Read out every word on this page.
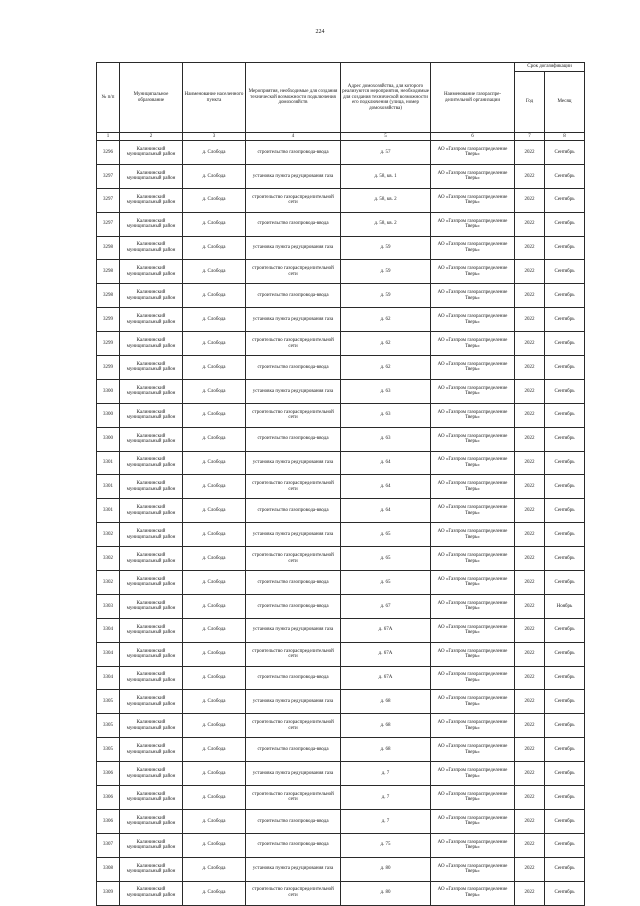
224
№ п/п	Муниципальное образование	Наименование населенного пункта	Мероприятия, необходимые для создания технической возможности подключения домохозяйств	Адрес домохозяйства, для которого реализуются мероприятия, необходимые для создания технической возможности его подключения (улица, номер домохозяйства)	Наименование газораспре-делительной организации	Срок догазификации	
						Год	Месяц
1	2	3	4	5	6	7	8
3296	Калининский муниципальный район	д. Слобода	строительство газопровода-ввода	д. 57	АО «Газпром газораспределение Тверь»	2022	Сентябрь
3297	Калининский муниципальный район	д. Слобода	установка пункта редуцирования газа	д. 58, кв. 1	АО «Газпром газораспределение Тверь»	2022	Сентябрь
3297	Калининский муниципальный район	д. Слобода	строительство газораспределительной сети	д. 58, кв. 2	АО «Газпром газораспределение Тверь»	2022	Сентябрь
3297	Калининский муниципальный район	д. Слобода	строительство газопровода-ввода	д. 58, кв. 2	АО «Газпром газораспределение Тверь»	2022	Сентябрь
3298	Калининский муниципальный район	д. Слобода	установка пункта редуцирования газа	д. 59	АО «Газпром газораспределение Тверь»	2022	Сентябрь
3298	Калининский муниципальный район	д. Слобода	строительство газораспределительной сети	д. 59	АО «Газпром газораспределение Тверь»	2022	Сентябрь
3298	Калининский муниципальный район	д. Слобода	строительство газопровода-ввода	д. 59	АО «Газпром газораспределение Тверь»	2022	Сентябрь
3299	Калининский муниципальный район	д. Слобода	установка пункта редуцирования газа	д. 62	АО «Газпром газораспределение Тверь»	2022	Сентябрь
3299	Калининский муниципальный район	д. Слобода	строительство газораспределительной сети	д. 62	АО «Газпром газораспределение Тверь»	2022	Сентябрь
3299	Калининский муниципальный район	д. Слобода	строительство газопровода-ввода	д. 62	АО «Газпром газораспределение Тверь»	2022	Сентябрь
3300	Калининский муниципальный район	д. Слобода	установка пункта редуцирования газа	д. 63	АО «Газпром газораспределение Тверь»	2022	Сентябрь
3300	Калининский муниципальный район	д. Слобода	строительство газораспределительной сети	д. 63	АО «Газпром газораспределение Тверь»	2022	Сентябрь
3300	Калининский муниципальный район	д. Слобода	строительство газопровода-ввода	д. 63	АО «Газпром газораспределение Тверь»	2022	Сентябрь
3301	Калининский муниципальный район	д. Слобода	установка пункта редуцирования газа	д. 64	АО «Газпром газораспределение Тверь»	2022	Сентябрь
3301	Калининский муниципальный район	д. Слобода	строительство газораспределительной сети	д. 64	АО «Газпром газораспределение Тверь»	2022	Сентябрь
3301	Калининский муниципальный район	д. Слобода	строительство газопровода-ввода	д. 64	АО «Газпром газораспределение Тверь»	2022	Сентябрь
3302	Калининский муниципальный район	д. Слобода	установка пункта редуцирования газа	д. 65	АО «Газпром газораспределение Тверь»	2022	Сентябрь
3302	Калининский муниципальный район	д. Слобода	строительство газораспределительной сети	д. 65	АО «Газпром газораспределение Тверь»	2022	Сентябрь
3302	Калининский муниципальный район	д. Слобода	строительство газопровода-ввода	д. 65	АО «Газпром газораспределение Тверь»	2022	Сентябрь
3303	Калининский муниципальный район	д. Слобода	строительство газопровода-ввода	д. 67	АО «Газпром газораспределение Тверь»	2022	Ноябрь
3304	Калининский муниципальный район	д. Слобода	установка пункта редуцирования газа	д. 67А	АО «Газпром газораспределение Тверь»	2022	Сентябрь
3304	Калининский муниципальный район	д. Слобода	строительство газораспределительной сети	д. 67А	АО «Газпром газораспределение Тверь»	2022	Сентябрь
3304	Калининский муниципальный район	д. Слобода	строительство газопровода-ввода	д. 67А	АО «Газпром газораспределение Тверь»	2022	Сентябрь
3305	Калининский муниципальный район	д. Слобода	установка пункта редуцирования газа	д. 68	АО «Газпром газораспределение Тверь»	2022	Сентябрь
3305	Калининский муниципальный район	д. Слобода	строительство газораспределительной сети	д. 68	АО «Газпром газораспределение Тверь»	2022	Сентябрь
3305	Калининский муниципальный район	д. Слобода	строительство газопровода-ввода	д. 68	АО «Газпром газораспределение Тверь»	2022	Сентябрь
3306	Калининский муниципальный район	д. Слобода	установка пункта редуцирования газа	д. 7	АО «Газпром газораспределение Тверь»	2022	Сентябрь
3306	Калининский муниципальный район	д. Слобода	строительство газораспределительной сети	д. 7	АО «Газпром газораспределение Тверь»	2022	Сентябрь
3306	Калининский муниципальный район	д. Слобода	строительство газопровода-ввода	д. 7	АО «Газпром газораспределение Тверь»	2022	Сентябрь
3307	Калининский муниципальный район	д. Слобода	строительство газопровода-ввода	д. 75	АО «Газпром газораспределение Тверь»	2022	Сентябрь
3308	Калининский муниципальный район	д. Слобода	установка пункта редуцирования газа	д. 80	АО «Газпром газораспределение Тверь»	2022	Сентябрь
3309	Калининский муниципальный район	д. Слобода	строительство газораспределительной сети	д. 80	АО «Газпром газораспределение Тверь»	2022	Сентябрь
